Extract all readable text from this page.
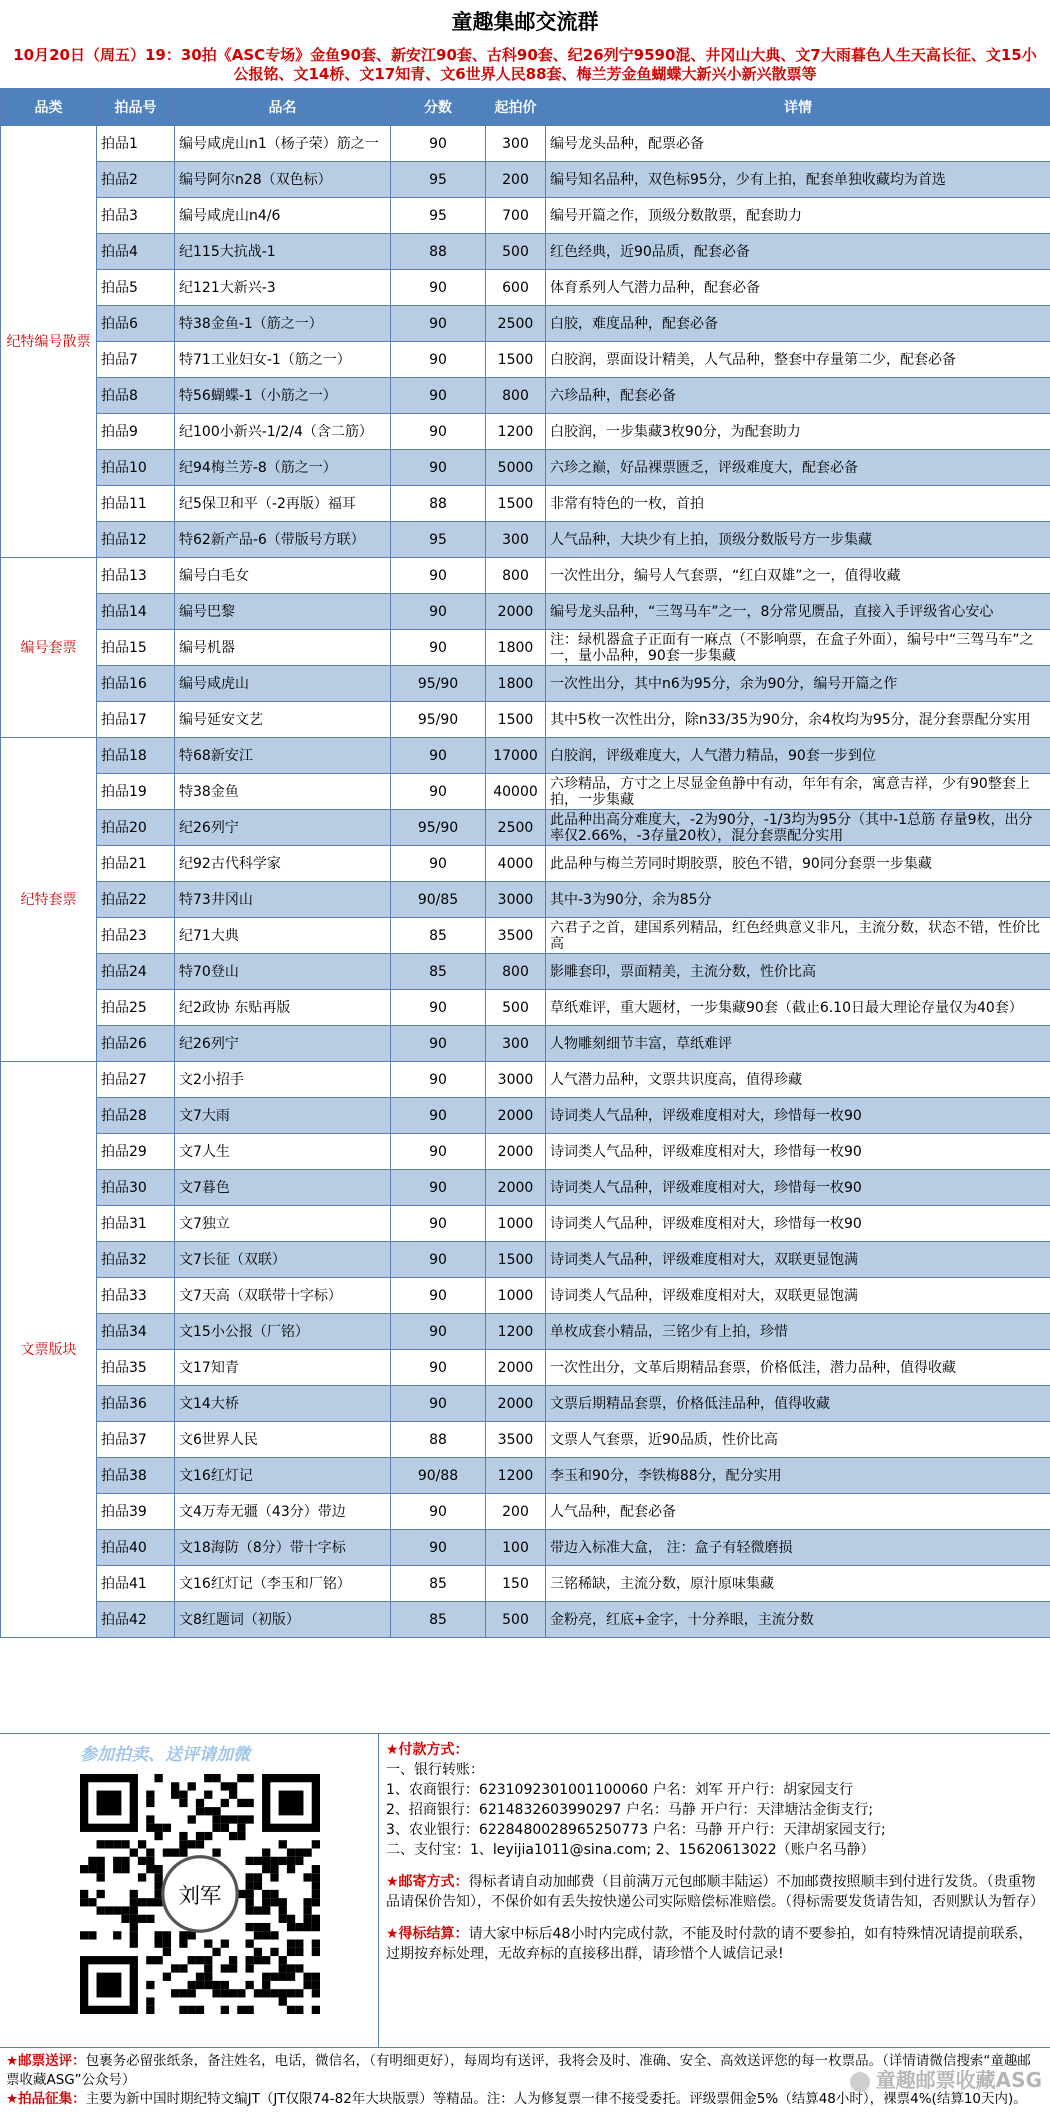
童趣集邮交流群
10月20日（周五）19：30拍《ASC专场》金鱼90套、新安江90套、古科90套、纪26列宁9590混、井冈山大典、文7大雨暮色人生天高长征、文15小公报铭、文14桥、文17知青、文6世界人民88套、梅兰芳金鱼蝴蝶大新兴小新兴散票等
品类	拍品号	品名	分数	起拍价	详情
纪特编号散票	拍品1	编号咸虎山n1（杨子荣）筋之一	90	300	编号龙头品种，配票必备
	拍品2	编号阿尔n28（双色标）	95	200	编号知名品种，双色标95分，少有上拍，配套单独收藏均为首选
	拍品3	编号咸虎山n4/6	95	700	编号开篇之作，顶级分数散票，配套助力
	拍品4	纪115大抗战-1	88	500	红色经典，近90品质，配套必备
	拍品5	纪121大新兴-3	90	600	体育系列人气潜力品种，配套必备
	拍品6	特38金鱼-1（筋之一）	90	2500	白胶，难度品种，配套必备
	拍品7	特71工业妇女-1（筋之一）	90	1500	白胶润，票面设计精美，人气品种，整套中存量第二少，配套必备
	拍品8	特56蝴蝶-1（小筋之一）	90	800	六珍品种，配套必备
	拍品9	纪100小新兴-1/2/4（含二筋）	90	1200	白胶润，一步集藏3枚90分，为配套助力
	拍品10	纪94梅兰芳-8（筋之一）	90	5000	六珍之巅，好品裸票匮乏，评级难度大，配套必备
	拍品11	纪5保卫和平（-2再版）福耳	88	1500	非常有特色的一枚，首拍
	拍品12	特62新产品-6（带版号方联）	95	300	人气品种，大块少有上拍，顶级分数版号方一步集藏
编号套票	拍品13	编号白毛女	90	800	一次性出分，编号人气套票，“红白双雄”之一，值得收藏
	拍品14	编号巴黎	90	2000	编号龙头品种，“三驾马车”之一，8分常见赝品，直接入手评级省心安心
	拍品15	编号机器	90	1800	注：绿机器盒子正面有一麻点（不影响票，在盒子外面），编号中“三驾马车”之一，量小品种，90套一步集藏
	拍品16	编号咸虎山	95/90	1800	一次性出分，其中n6为95分，余为90分，编号开篇之作
	拍品17	编号延安文艺	95/90	1500	其中5枚一次性出分，除n33/35为90分，余4枚均为95分，混分套票配分实用
纪特套票	拍品18	特68新安江	90	17000	白胶润，评级难度大，人气潜力精品，90套一步到位
	拍品19	特38金鱼	90	40000	六珍精品，方寸之上尽显金鱼静中有动，年年有余，寓意吉祥，少有90整套上拍，一步集藏
	拍品20	纪26列宁	95/90	2500	此品种出高分难度大，-2为90分，-1/3均为95分（其中-1总筋 存量9枚，出分率仅2.66%，-3存量20枚），混分套票配分实用
	拍品21	纪92古代科学家	90	4000	此品种与梅兰芳同时期胶票，胶色不错，90同分套票一步集藏
	拍品22	特73井冈山	90/85	3000	其中-3为90分，余为85分
	拍品23	纪71大典	85	3500	六君子之首，建国系列精品，红色经典意义非凡，主流分数，状态不错，性价比高
	拍品24	特70登山	85	800	影雕套印，票面精美，主流分数，性价比高
	拍品25	纪2政协 东贴再版	90	500	草纸难评，重大题材，一步集藏90套（截止6.10日最大理论存量仅为40套）
	拍品26	纪26列宁	90	300	人物雕刻细节丰富，草纸难评
文票版块	拍品27	文2小招手	90	3000	人气潜力品种，文票共识度高，值得珍藏
	拍品28	文7大雨	90	2000	诗词类人气品种，评级难度相对大，珍惜每一枚90
	拍品29	文7人生	90	2000	诗词类人气品种，评级难度相对大，珍惜每一枚90
	拍品30	文7暮色	90	2000	诗词类人气品种，评级难度相对大，珍惜每一枚90
	拍品31	文7独立	90	1000	诗词类人气品种，评级难度相对大，珍惜每一枚90
	拍品32	文7长征（双联）	90	1500	诗词类人气品种，评级难度相对大，双联更显饱满
	拍品33	文7天高（双联带十字标）	90	1000	诗词类人气品种，评级难度相对大，双联更显饱满
	拍品34	文15小公报（厂铭）	90	1200	单枚成套小精品，三铭少有上拍，珍惜
	拍品35	文17知青	90	2000	一次性出分，文革后期精品套票，价格低洼，潜力品种，值得收藏
	拍品36	文14大桥	90	2000	文票后期精品套票，价格低洼品种，值得收藏
	拍品37	文6世界人民	88	3500	文票人气套票，近90品质，性价比高
	拍品38	文16红灯记	90/88	1200	李玉和90分，李铁梅88分，配分实用
	拍品39	文4万寿无疆（43分）带边	90	200	人气品种，配套必备
	拍品40	文18海防（8分）带十字标	90	100	带边入标准大盒， 注：盒子有轻微磨损
	拍品41	文16红灯记（李玉和厂铭）	85	150	三铭稀缺，主流分数，原汁原味集藏
	拍品42	文8红题词（初版）	85	500	金粉亮，红底+金字，十分养眼，主流分数
参加拍卖、送评请加微
刘军
★付款方式：
一、银行转账：
1、农商银行：6231092301001100060 户名：刘军 开户行：胡家园支行
2、招商银行：6214832603990297 户名：马静 开户行：天津塘沽金街支行;
3、农业银行：6228480028965250773 户名：马静 开户行：天津胡家园支行;
二、支付宝：1、leyijia1011@sina.com; 2、15620613022（账户名马静）
★邮寄方式：得标者请自动加邮费（目前满万元包邮顺丰陆运）不加邮费按照顺丰到付进行发货。（贵重物品请保价告知），不保价如有丢失按快递公司实际赔偿标准赔偿。（得标需要发货请告知，否则默认为暂存）
★得标结算：请大家中标后48小时内完成付款，不能及时付款的请不要参拍，如有特殊情况请提前联系，过期按弃标处理，无故弃标的直接移出群，请珍惜个人诚信记录!
★邮票送评：包裹务必留张纸条，备注姓名，电话，微信名，（有明细更好），每周均有送评，我将会及时、准确、安全、高效送评您的每一枚票品。（详情请微信搜索“童趣邮票收藏ASG”公众号）
★拍品征集：主要为新中国时期纪特文编JT（JT仅限74-82年大块版票）等精品。注：人为修复票一律不接受委托。评级票佣金5%（结算48小时），裸票4%(结算10天内)。
童趣邮票收藏ASG
